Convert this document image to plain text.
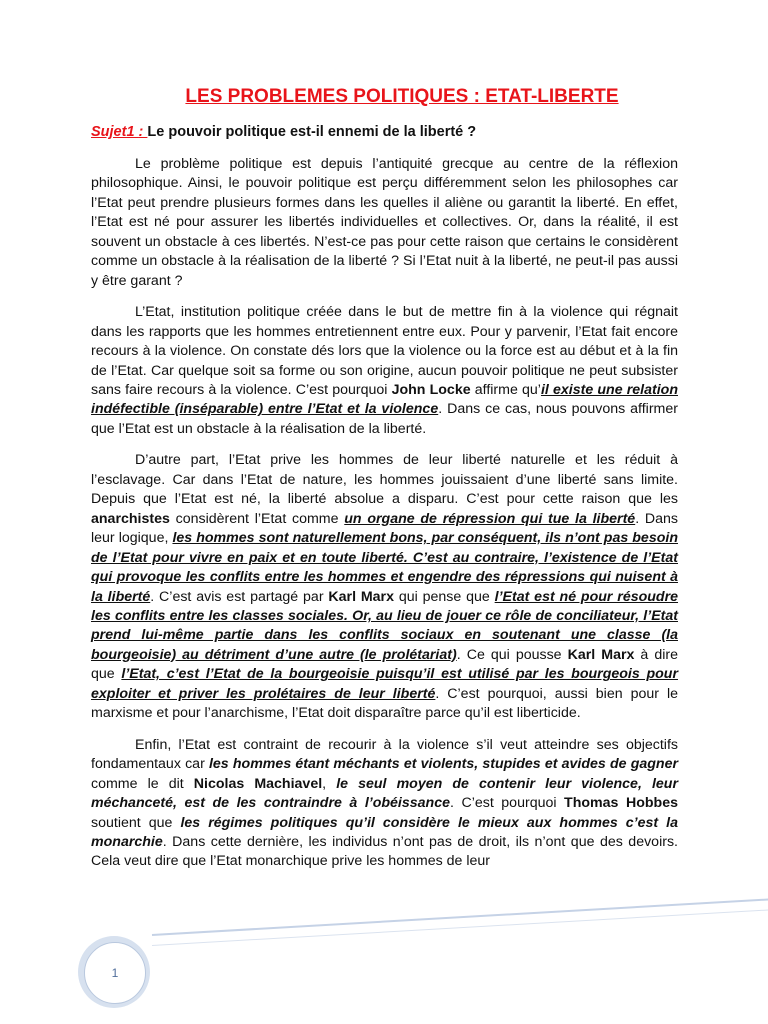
LES PROBLEMES POLITIQUES : ETAT-LIBERTE
Sujet1 : Le pouvoir politique est-il ennemi de la liberté ?

Le problème politique est depuis l’antiquité grecque au centre de la réflexion philosophique. Ainsi, le pouvoir politique est perçu différemment selon les philosophes car l’Etat peut prendre plusieurs formes dans les quelles il aliène ou garantit la liberté. En effet, l’Etat est né pour assurer les libertés individuelles et collectives. Or, dans la réalité, il est souvent un obstacle à ces libertés. N’est-ce pas pour cette raison que certains le considèrent comme un obstacle à la réalisation de la liberté ? Si l’Etat nuit à la liberté, ne peut-il pas aussi y être garant ?

L’Etat, institution politique créée dans le but de mettre fin à la violence qui régnait dans les rapports que les hommes entretiennent entre eux. Pour y parvenir, l’Etat fait encore recours à la violence. On constate dés lors que la violence ou la force est au début et à la fin de l’Etat. Car quelque soit sa forme ou son origine, aucun pouvoir politique ne peut subsister sans faire recours à la violence. C’est pourquoi John Locke affirme qu’il existe une relation indéfectible (inséparable) entre l’Etat et la violence. Dans ce cas, nous pouvons affirmer que l’Etat est un obstacle à la réalisation de la liberté.

D’autre part, l’Etat prive les hommes de leur liberté naturelle et les réduit à l’esclavage. Car dans l’Etat de nature, les hommes jouissaient d’une liberté sans limite. Depuis que l’Etat est né, la liberté absolue a disparu. C’est pour cette raison que les anarchistes considèrent l’Etat comme un organe de répression qui tue la liberté. Dans leur logique, les hommes sont naturellement bons, par conséquent, ils n’ont pas besoin de l’Etat pour vivre en paix et en toute liberté. C’est au contraire, l’existence de l’Etat qui provoque les conflits entre les hommes et engendre des répressions qui nuisent à la liberté. C’est avis est partagé par Karl Marx qui pense que l’Etat est né pour résoudre les conflits entre les classes sociales. Or, au lieu de jouer ce rôle de conciliateur, l’Etat prend lui-même partie dans les conflits sociaux en soutenant une classe (la bourgeoisie) au détriment d’une autre (le prolétariat). Ce qui pousse Karl Marx à dire que l’Etat, c’est l’Etat de la bourgeoisie puisqu’il est utilisé par les bourgeois pour exploiter et priver les prolétaires de leur liberté. C’est pourquoi, aussi bien pour le marxisme et pour l’anarchisme, l’Etat doit disparaître parce qu’il est liberticide.

Enfin, l’Etat est contraint de recourir à la violence s’il veut atteindre ses objectifs fondamentaux car les hommes étant méchants et violents, stupides et avides de gagner comme le dit Nicolas Machiavel, le seul moyen de contenir leur violence, leur méchanceté, est de les contraindre à l’obéissance. C’est pourquoi Thomas Hobbes soutient que les régimes politiques qu’il considère le mieux aux hommes c’est la monarchie. Dans cette dernière, les individus n’ont pas de droit, ils n’ont que des devoirs. Cela veut dire que l’Etat monarchique prive les hommes de leur

1
